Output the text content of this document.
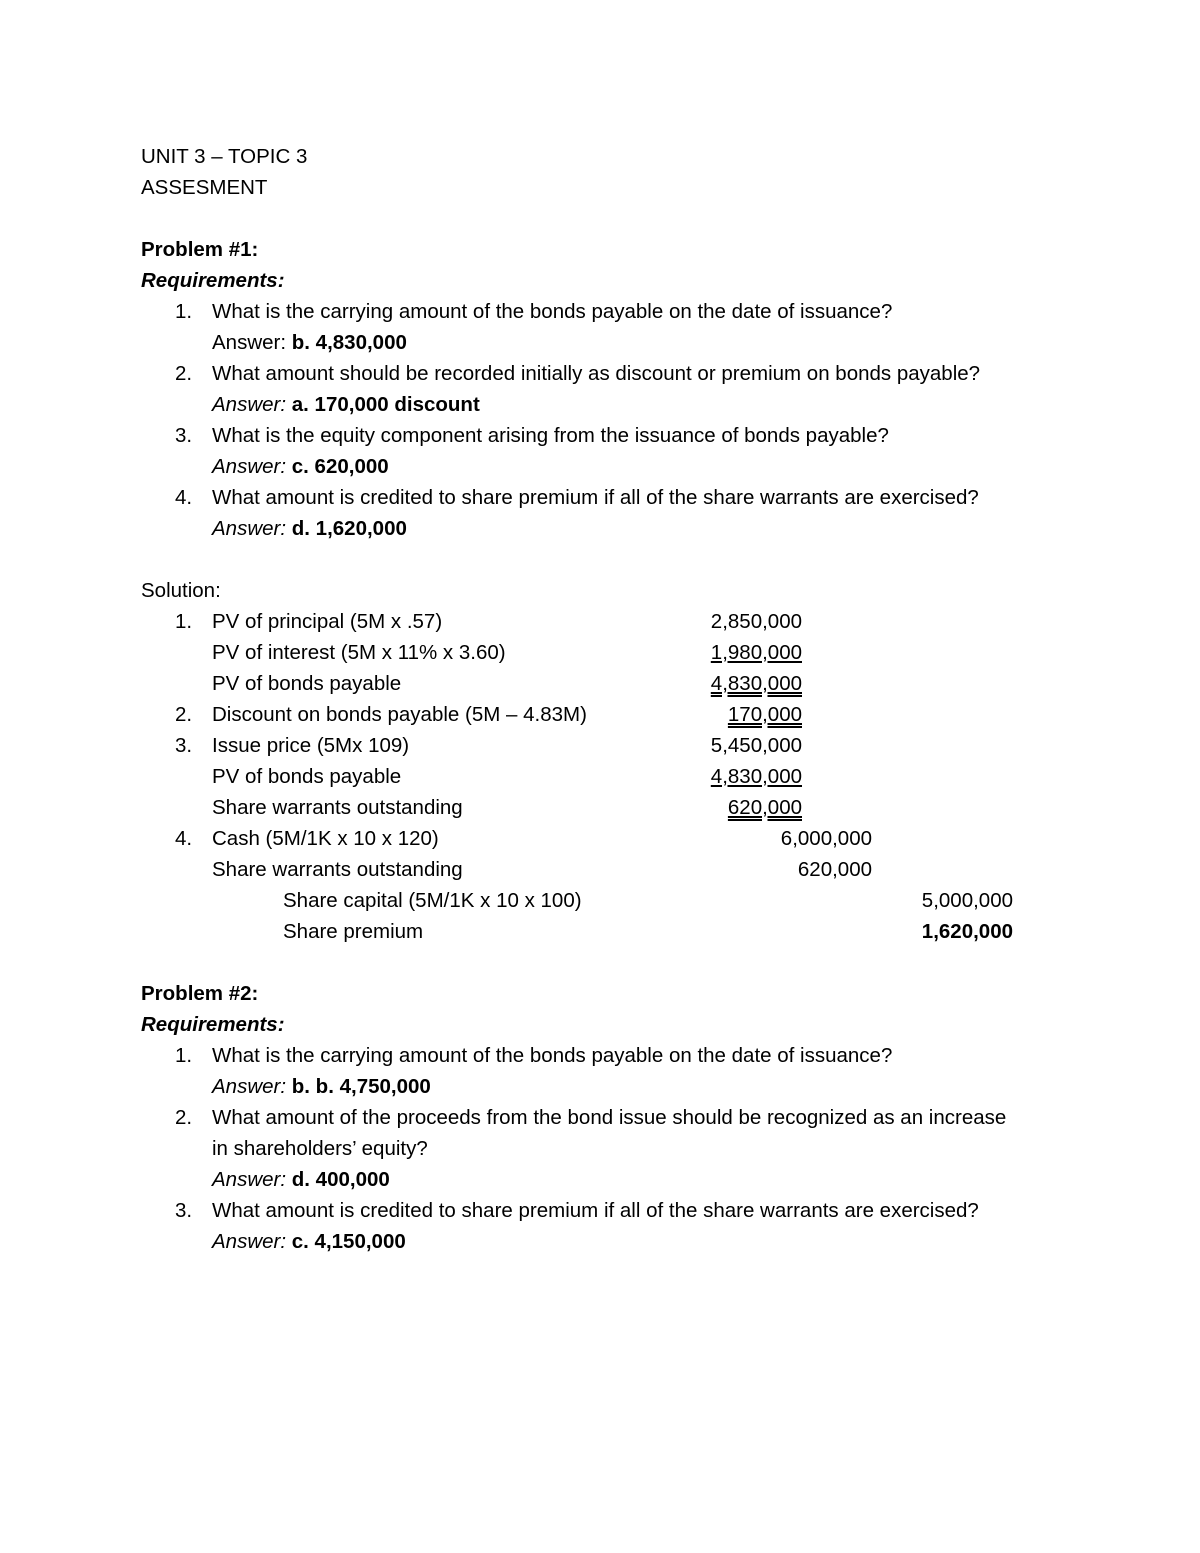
UNIT 3 – TOPIC 3
ASSESMENT
Problem #1:
Requirements:
1. What is the carrying amount of the bonds payable on the date of issuance?
Answer: b. 4,830,000
2. What amount should be recorded initially as discount or premium on bonds payable?
Answer: a. 170,000 discount
3. What is the equity component arising from the issuance of bonds payable?
Answer: c. 620,000
4. What amount is credited to share premium if all of the share warrants are exercised?
Answer: d. 1,620,000
Solution:
1. PV of principal (5M x .57)	2,850,000
PV of interest (5M x 11% x 3.60)	1,980,000
PV of bonds payable	4,830,000
2. Discount on bonds payable (5M – 4.83M)	170,000
3. Issue price (5Mx 109)	5,450,000
PV of bonds payable	4,830,000
Share warrants outstanding	620,000
4. Cash (5M/1K x 10 x 120)	6,000,000
Share warrants outstanding	620,000
Share capital (5M/1K x 10 x 100)	5,000,000
Share premium	1,620,000
Problem #2:
Requirements:
1. What is the carrying amount of the bonds payable on the date of issuance?
Answer: b. b. 4,750,000
2. What amount of the proceeds from the bond issue should be recognized as an increase
in shareholders’ equity?
Answer: d. 400,000
3. What amount is credited to share premium if all of the share warrants are exercised?
Answer: c. 4,150,000
